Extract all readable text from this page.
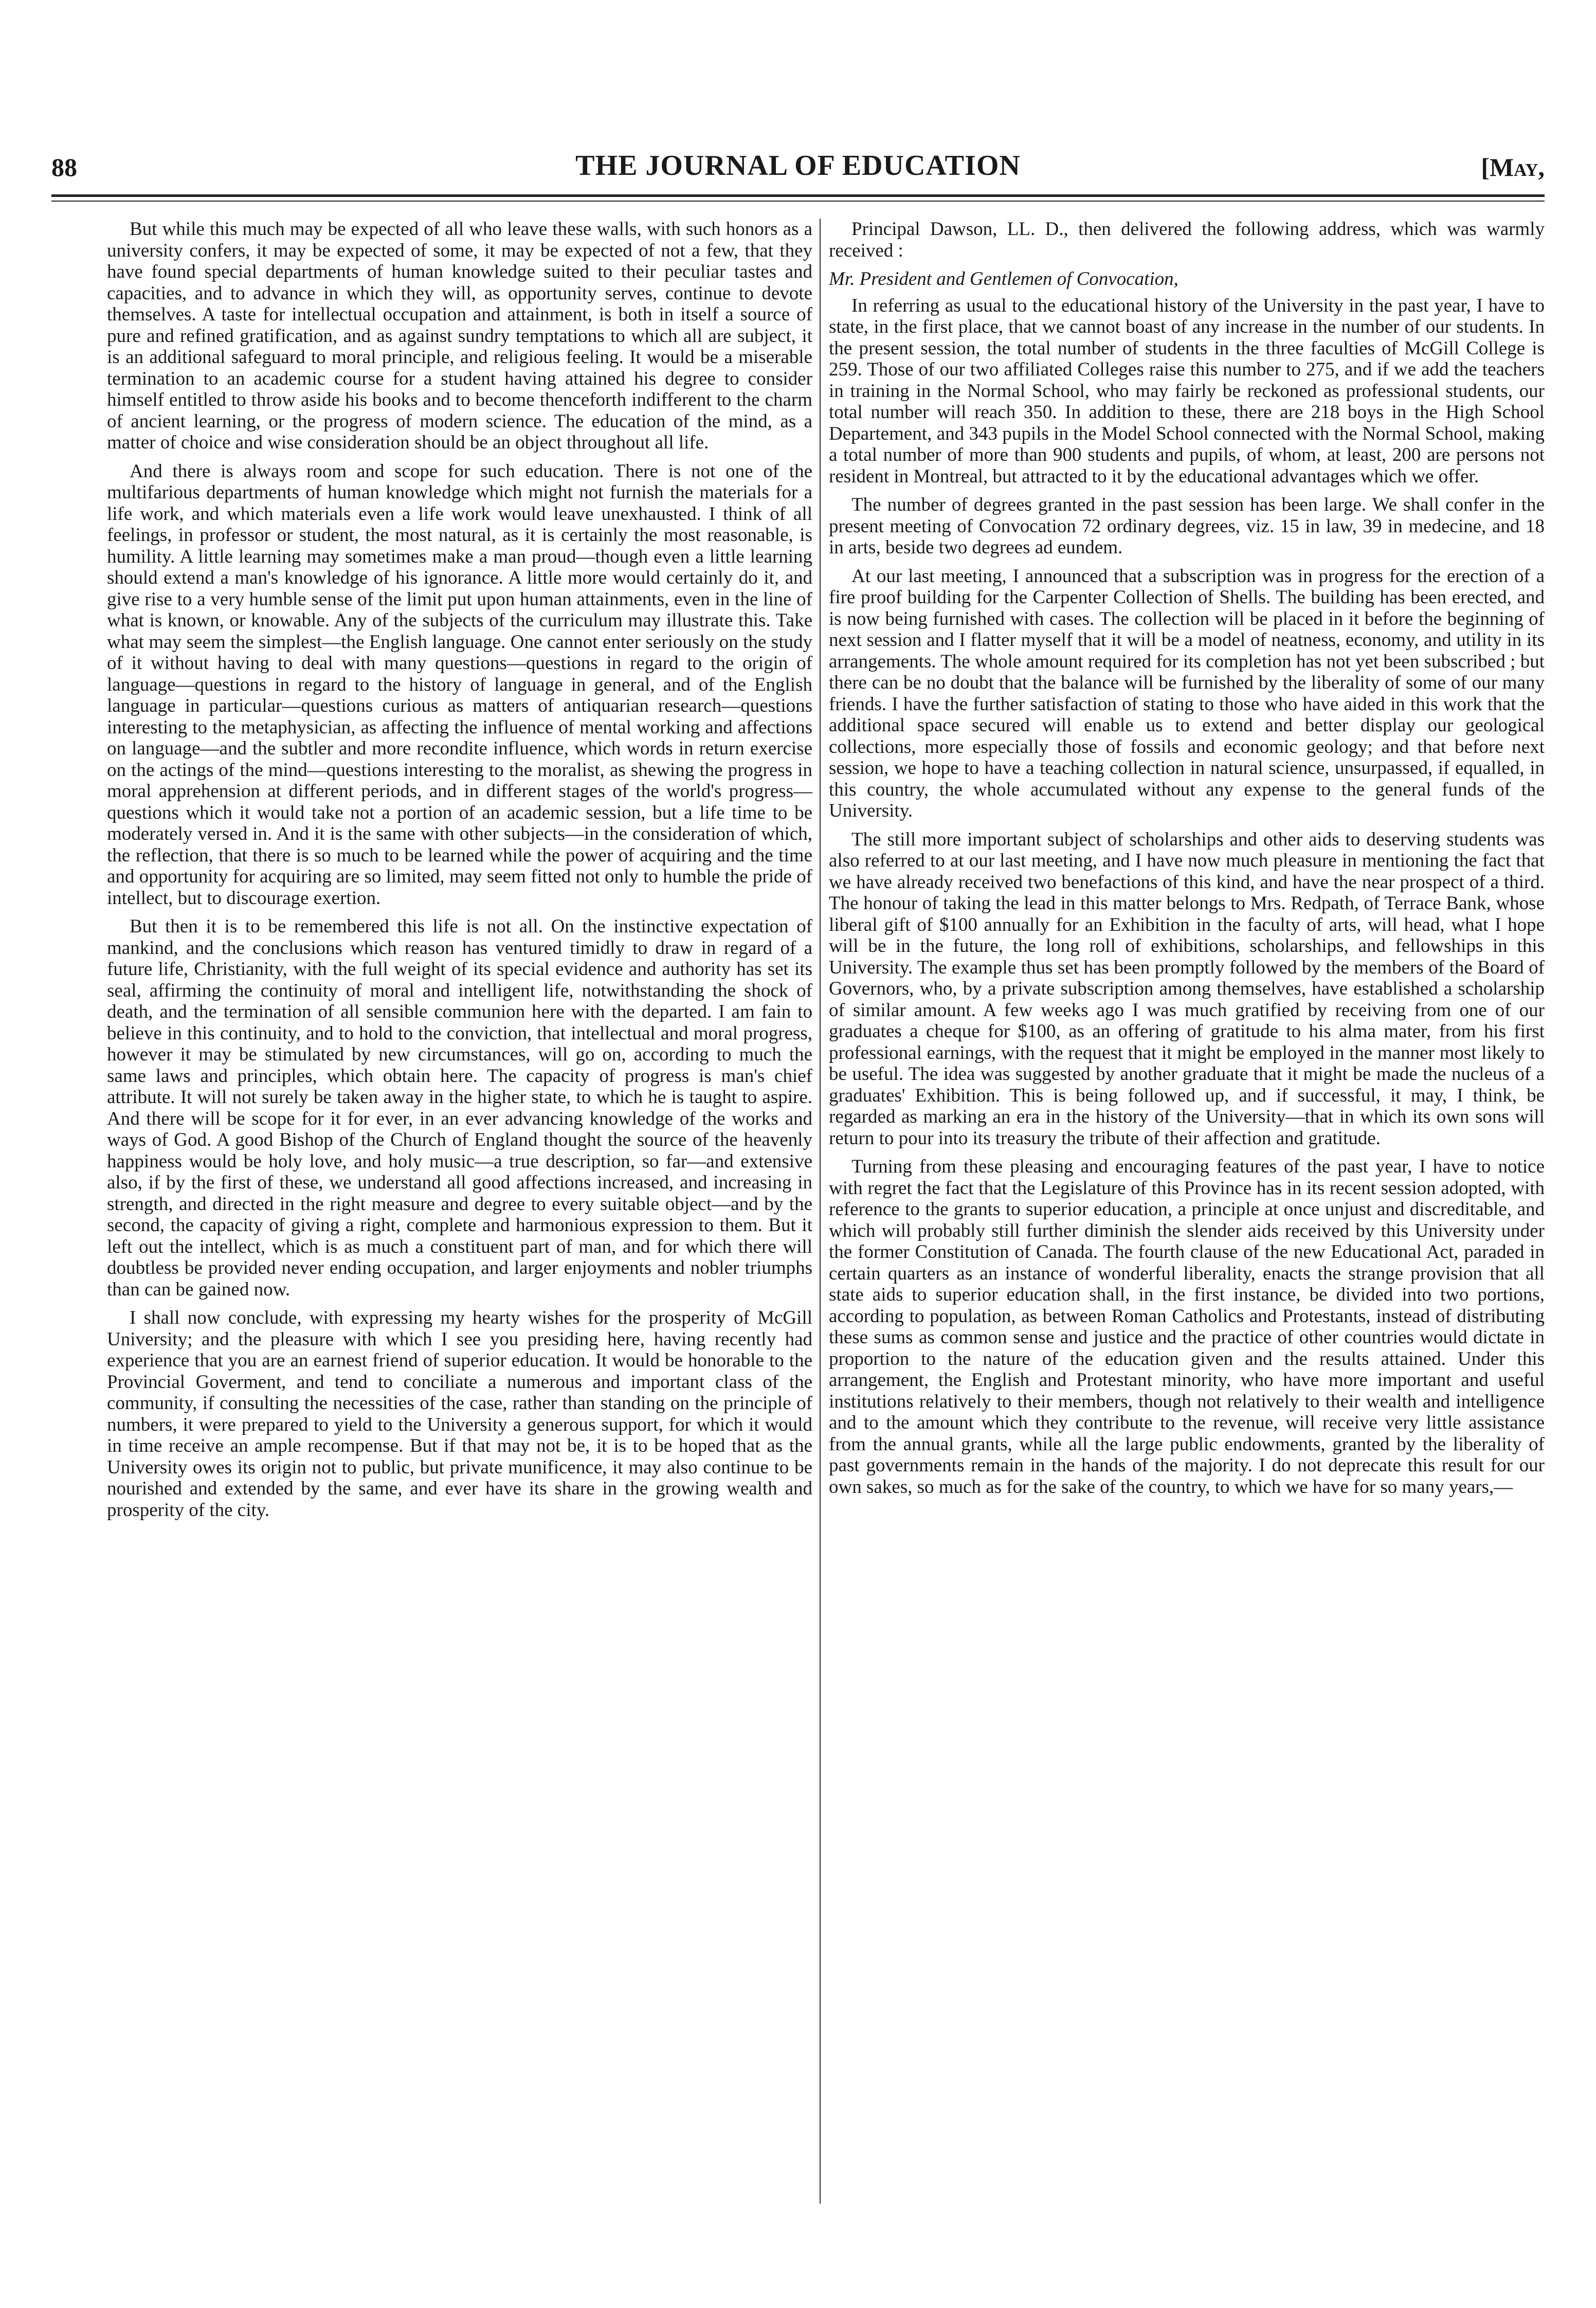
88	THE JOURNAL OF EDUCATION	[May,

But while this much may be expected of all who leave these walls, with such honors as a university confers, it may be expected of some, it may be expected of not a few, that they have found special departments of human knowledge suited to their peculiar tastes and capacities, and to advance in which they will, as opportunity serves, continue to devote themselves. A taste for intellectual occupation and attainment, is both in itself a source of pure and refined gratification, and as against sundry temptations to which all are subject, it is an additional safeguard to moral principle, and religious feeling. It would be a miserable termination to an academic course for a student having attained his degree to consider himself entitled to throw aside his books and to become thenceforth indifferent to the charm of ancient learning, or the progress of modern science. The education of the mind, as a matter of choice and wise consideration should be an object throughout all life.

And there is always room and scope for such education. There is not one of the multifarious departments of human knowledge which might not furnish the materials for a life work, and which materials even a life work would leave unexhausted. I think of all feelings, in professor or student, the most natural, as it is certainly the most reasonable, is humility. A little learning may sometimes make a man proud—though even a little learning should extend a man's knowledge of his ignorance. A little more would certainly do it, and give rise to a very humble sense of the limit put upon human attainments, even in the line of what is known, or knowable. Any of the subjects of the curriculum may illustrate this. Take what may seem the simplest—the English language. One cannot enter seriously on the study of it without having to deal with many questions—questions in regard to the origin of language—questions in regard to the history of language in general, and of the English language in particular—questions curious as matters of antiquarian research—questions interesting to the metaphysician, as affecting the influence of mental working and affections on language—and the subtler and more recondite influence, which words in return exercise on the actings of the mind—questions interesting to the moralist, as shewing the progress in moral apprehension at different periods, and in different stages of the world's progress—questions which it would take not a portion of an academic session, but a life time to be moderately versed in. And it is the same with other subjects—in the consideration of which, the reflection, that there is so much to be learned while the power of acquiring and the time and opportunity for acquiring are so limited, may seem fitted not only to humble the pride of intellect, but to discourage exertion.

But then it is to be remembered this life is not all. On the instinctive expectation of mankind, and the conclusions which reason has ventured timidly to draw in regard of a future life, Christianity, with the full weight of its special evidence and authority has set its seal, affirming the continuity of moral and intelligent life, notwithstanding the shock of death, and the termination of all sensible communion here with the departed. I am fain to believe in this continuity, and to hold to the conviction, that intellectual and moral progress, however it may be stimulated by new circumstances, will go on, according to much the same laws and principles, which obtain here. The capacity of progress is man's chief attribute. It will not surely be taken away in the higher state, to which he is taught to aspire. And there will be scope for it for ever, in an ever advancing knowledge of the works and ways of God. A good Bishop of the Church of England thought the source of the heavenly happiness would be holy love, and holy music—a true description, so far—and extensive also, if by the first of these, we understand all good affections increased, and increasing in strength, and directed in the right measure and degree to every suitable object—and by the second, the capacity of giving a right, complete and harmonious expression to them. But it left out the intellect, which is as much a constituent part of man, and for which there will doubtless be provided never ending occupation, and larger enjoyments and nobler triumphs than can be gained now.

I shall now conclude, with expressing my hearty wishes for the prosperity of McGill University; and the pleasure with which I see you presiding here, having recently had experience that you are an earnest friend of superior education. It would be honorable to the Provincial Goverment, and tend to conciliate a numerous and important class of the community, if consulting the necessities of the case, rather than standing on the principle of numbers, it were prepared to yield to the University a generous support, for which it would in time receive an ample recompense. But if that may not be, it is to be hoped that as the University owes its origin not to public, but private munificence, it may also continue to be nourished and extended by the same, and ever have its share in the growing wealth and prosperity of the city.

Principal Dawson, LL. D., then delivered the following address, which was warmly received :

Mr. President and Gentlemen of Convocation,

In referring as usual to the educational history of the University in the past year, I have to state, in the first place, that we cannot boast of any increase in the number of our students. In the present session, the total number of students in the three faculties of McGill College is 259. Those of our two affiliated Colleges raise this number to 275, and if we add the teachers in training in the Normal School, who may fairly be reckoned as professional students, our total number will reach 350. In addition to these, there are 218 boys in the High School Departement, and 343 pupils in the Model School connected with the Normal School, making a total number of more than 900 students and pupils, of whom, at least, 200 are persons not resident in Montreal, but attracted to it by the educational advantages which we offer.

The number of degrees granted in the past session has been large. We shall confer in the present meeting of Convocation 72 ordinary degrees, viz. 15 in law, 39 in medecine, and 18 in arts, beside two degrees ad eundem.

At our last meeting, I announced that a subscription was in progress for the erection of a fire proof building for the Carpenter Collection of Shells. The building has been erected, and is now being furnished with cases. The collection will be placed in it before the beginning of next session and I flatter myself that it will be a model of neatness, economy, and utility in its arrangements. The whole amount required for its completion has not yet been subscribed ; but there can be no doubt that the balance will be furnished by the liberality of some of our many friends. I have the further satisfaction of stating to those who have aided in this work that the additional space secured will enable us to extend and better display our geological collections, more especially those of fossils and economic geology; and that before next session, we hope to have a teaching collection in natural science, unsurpassed, if equalled, in this country, the whole accumulated without any expense to the general funds of the University.

The still more important subject of scholarships and other aids to deserving students was also referred to at our last meeting, and I have now much pleasure in mentioning the fact that we have already received two benefactions of this kind, and have the near prospect of a third. The honour of taking the lead in this matter belongs to Mrs. Redpath, of Terrace Bank, whose liberal gift of $100 annually for an Exhibition in the faculty of arts, will head, what I hope will be in the future, the long roll of exhibitions, scholarships, and fellowships in this University. The example thus set has been promptly followed by the members of the Board of Governors, who, by a private subscription among themselves, have established a scholarship of similar amount. A few weeks ago I was much gratified by receiving from one of our graduates a cheque for $100, as an offering of gratitude to his alma mater, from his first professional earnings, with the request that it might be employed in the manner most likely to be useful. The idea was suggested by another graduate that it might be made the nucleus of a graduates' Exhibition. This is being followed up, and if successful, it may, I think, be regarded as marking an era in the history of the University—that in which its own sons will return to pour into its treasury the tribute of their affection and gratitude.

Turning from these pleasing and encouraging features of the past year, I have to notice with regret the fact that the Legislature of this Province has in its recent session adopted, with reference to the grants to superior education, a principle at once unjust and discreditable, and which will probably still further diminish the slender aids received by this University under the former Constitution of Canada. The fourth clause of the new Educational Act, paraded in certain quarters as an instance of wonderful liberality, enacts the strange provision that all state aids to superior education shall, in the first instance, be divided into two portions, according to population, as between Roman Catholics and Protestants, instead of distributing these sums as common sense and justice and the practice of other countries would dictate in proportion to the nature of the education given and the results attained. Under this arrangement, the English and Protestant minority, who have more important and useful institutions relatively to their members, though not relatively to their wealth and intelligence and to the amount which they contribute to the revenue, will receive very little assistance from the annual grants, while all the large public endowments, granted by the liberality of past governments remain in the hands of the majority. I do not deprecate this result for our own sakes, so much as for the sake of the country, to which we have for so many years,—
